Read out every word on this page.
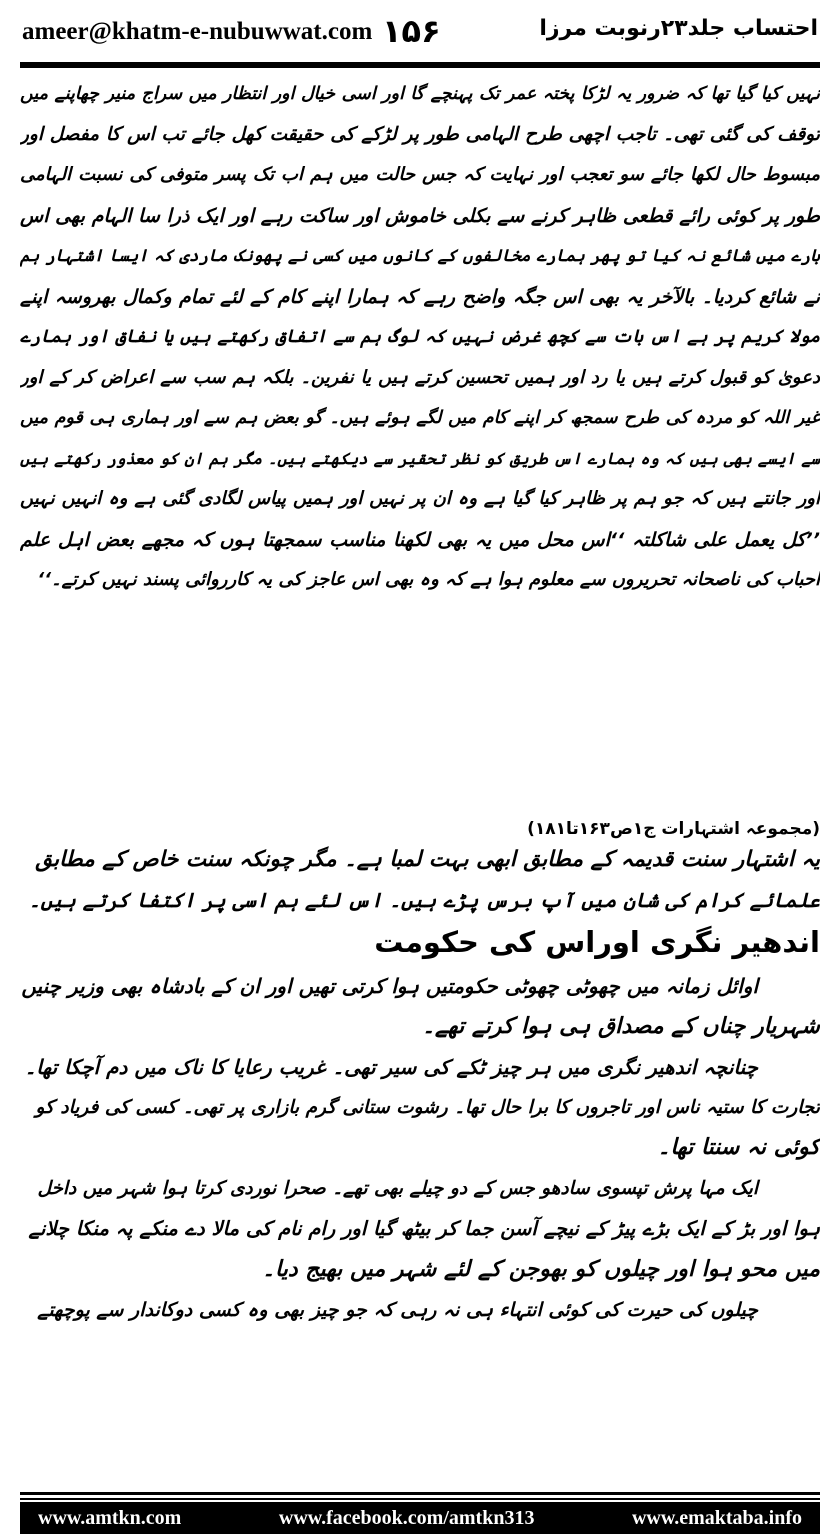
ameer@khatm-e-nubuwwat.com ۱۵۶	احتساب جلد۲۳رنوبت مرزا
نہیں کیا گیا تھا کہ ضرور یہ لڑکا پختہ عمر تک پہنچے گا اور اسی خیال اور انتظار میں سراج منیر چھاپنے میں
توقف کی گئی تھی۔ تاجب اچھی طرح الہامی طور پر لڑکے کی حقیقت کھل جائے تب اس کا مفصل اور
مبسوط حال لکھا جائے سو تعجب اور نہایت کہ جس حالت میں ہم اب تک پسر متوفی کی نسبت الہامی
طور پر کوئی رائے قطعی ظاہر کرنے سے بکلی خاموش اور ساکت رہے اور ایک ذرا سا الہام بھی اس
بارے میں شائع نہ کیا تو پھر ہمارے مخالفوں کے کانوں میں کسی نے پھونک ماردی کہ ایسا اشتہار ہم
نے شائع کردیا۔ بالآخر یہ بھی اس جگہ واضح رہے کہ ہمارا اپنے کام کے لئے تمام وکمال بھروسہ اپنے
مولا کریم پر ہے اس بات سے کچھ غرض نہیں کہ لوگ ہم سے اتفاق رکھتے ہیں یا نفاق اور ہمارے
دعویٰ کو قبول کرتے ہیں یا رد اور ہمیں تحسین کرتے ہیں یا نفرین۔ بلکہ ہم سب سے اعراض کر کے اور
غیر اللہ کو مردہ کی طرح سمجھ کر اپنے کام میں لگے ہوئے ہیں۔ گو بعض ہم سے اور ہماری ہی قوم میں
سے ایسے بھی ہیں کہ وہ ہمارے اس طریق کو نظر تحقیر سے دیکھتے ہیں۔ مگر ہم ان کو معذور رکھتے ہیں
اور جانتے ہیں کہ جو ہم پر ظاہر کیا گیا ہے وہ ان پر نہیں اور ہمیں پیاس لگادی گئی ہے وہ انہیں نہیں
’’کل یعمل علی شاکلتہ ‘‘اس محل میں یہ بھی لکھنا مناسب سمجھتا ہوں کہ مجھے بعض اہل علم
احباب کی ناصحانہ تحریروں سے معلوم ہوا ہے کہ وہ بھی اس عاجز کی یہ کارروائی پسند نہیں کرتے۔‘‘
(مجموعہ اشتہارات ج۱ص۱۶۳تا۱۸۱)
یہ اشتہار سنت قدیمہ کے مطابق ابھی بہت لمبا ہے۔ مگر چونکہ سنت خاص کے مطابق
علمائے کرام کی شان میں آپ برس پڑے ہیں۔ اس لئے ہم اسی پر اکتفا کرتے ہیں۔
اندھیر نگری اوراس کی حکومت
اوائل زمانہ میں چھوٹی چھوٹی حکومتیں ہوا کرتی تھیں اور ان کے بادشاہ بھی وزیر چنیں
شہریار چناں کے مصداق ہی ہوا کرتے تھے۔
چنانچہ اندھیر نگری میں ہر چیز ٹکے کی سیر تھی۔ غریب رعایا کا ناک میں دم آچکا تھا۔
تجارت کا ستیہ ناس اور تاجروں کا برا حال تھا۔ رشوت ستانی گرم بازاری پر تھی۔ کسی کی فریاد کو
کوئی نہ سنتا تھا۔
ایک مہا پرش تپسوی سادھو جس کے دو چیلے بھی تھے۔ صحرا نوردی کرتا ہوا شہر میں داخل
ہوا اور بڑ کے ایک بڑے پیڑ کے نیچے آسن جما کر بیٹھ گیا اور رام نام کی مالا دے منکے پہ منکا چلانے
میں محو ہوا اور چیلوں کو بھوجن کے لئے شہر میں بھیج دیا۔
چیلوں کی حیرت کی کوئی انتہاء ہی نہ رہی کہ جو چیز بھی وہ کسی دوکاندار سے پوچھتے
www.amtkn.com	www.facebook.com/amtkn313	www.emaktaba.info
